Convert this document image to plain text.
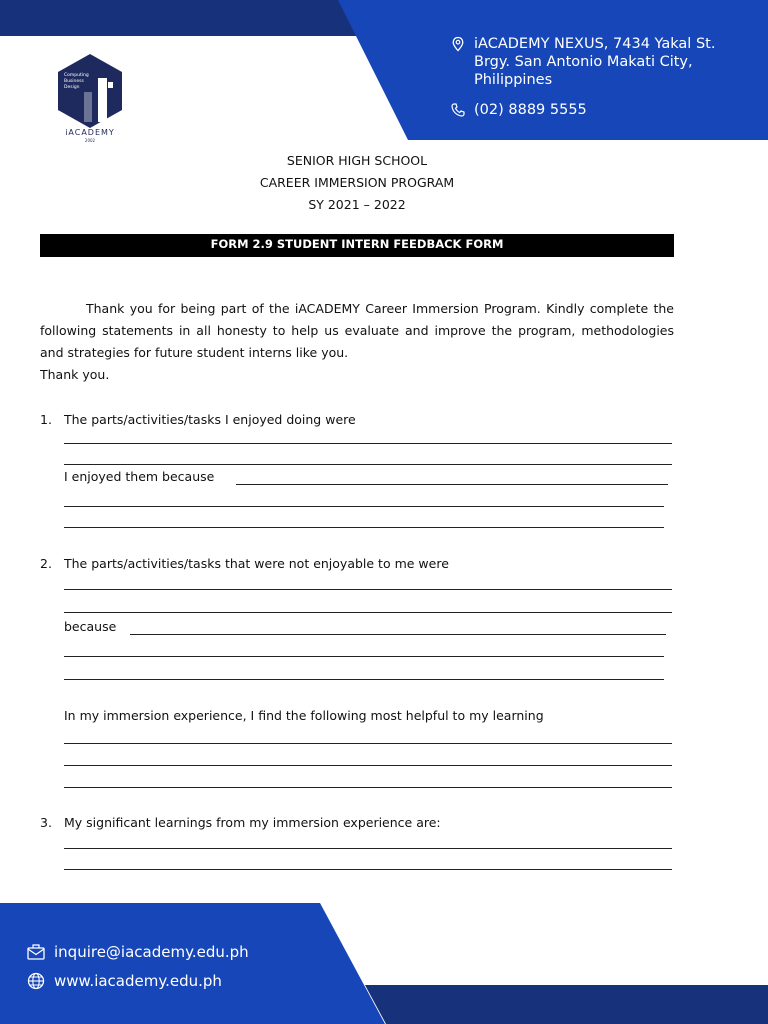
Computing
Business
Design
iACADEMY
2002
iACADEMY NEXUS, 7434 Yakal St.
Brgy. San Antonio Makati City,
Philippines
(02) 8889 5555
SENIOR HIGH SCHOOL
CAREER IMMERSION PROGRAM
SY 2021 – 2022
FORM 2.9 STUDENT INTERN FEEDBACK FORM
Thank you for being part of the iACADEMY Career Immersion Program. Kindly complete the following statements in all honesty to help us evaluate and improve the program, methodologies and strategies for future student interns like you.
Thank you.
1. The parts/activities/tasks I enjoyed doing were
I enjoyed them because
2. The parts/activities/tasks that were not enjoyable to me were
because
In my immersion experience, I find the following most helpful to my learning
3. My significant learnings from my immersion experience are:
inquire@iacademy.edu.ph
www.iacademy.edu.ph
